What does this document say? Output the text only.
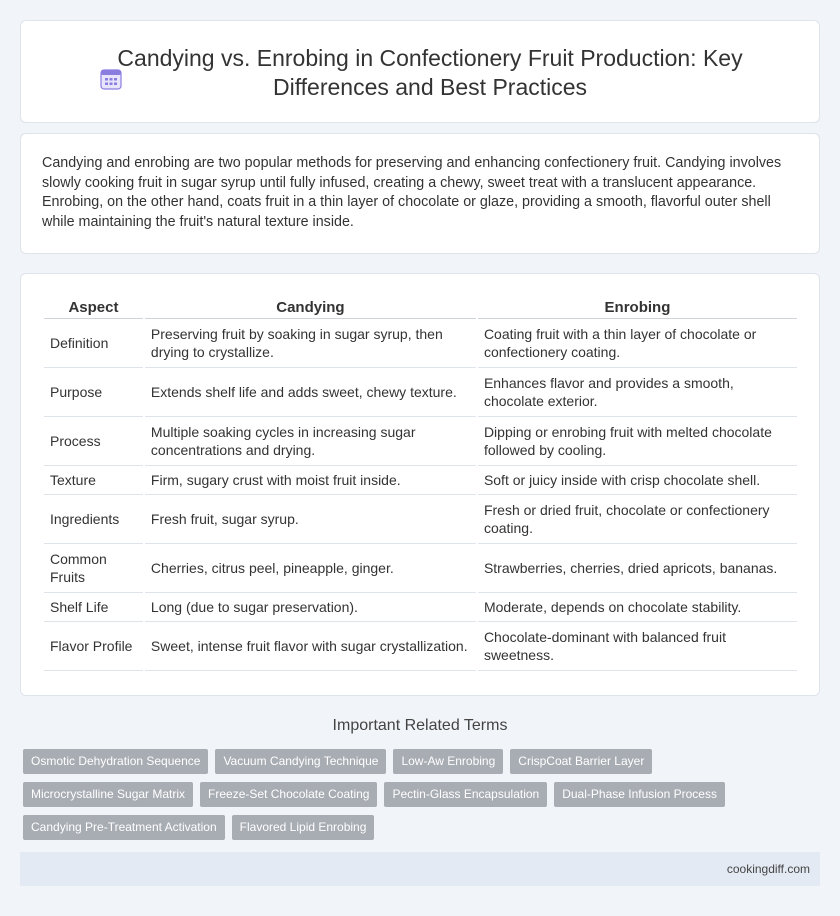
Candying vs. Enrobing in Confectionery Fruit Production: Key Differences and Best Practices

Candying and enrobing are two popular methods for preserving and enhancing confectionery fruit. Candying involves slowly cooking fruit in sugar syrup until fully infused, creating a chewy, sweet treat with a translucent appearance. Enrobing, on the other hand, coats fruit in a thin layer of chocolate or glaze, providing a smooth, flavorful outer shell while maintaining the fruit's natural texture inside.

Aspect	Candying	Enrobing
Definition	Preserving fruit by soaking in sugar syrup, then drying to crystallize.	Coating fruit with a thin layer of chocolate or confectionery coating.
Purpose	Extends shelf life and adds sweet, chewy texture.	Enhances flavor and provides a smooth, chocolate exterior.
Process	Multiple soaking cycles in increasing sugar concentrations and drying.	Dipping or enrobing fruit with melted chocolate followed by cooling.
Texture	Firm, sugary crust with moist fruit inside.	Soft or juicy inside with crisp chocolate shell.
Ingredients	Fresh fruit, sugar syrup.	Fresh or dried fruit, chocolate or confectionery coating.
Common Fruits	Cherries, citrus peel, pineapple, ginger.	Strawberries, cherries, dried apricots, bananas.
Shelf Life	Long (due to sugar preservation).	Moderate, depends on chocolate stability.
Flavor Profile	Sweet, intense fruit flavor with sugar crystallization.	Chocolate-dominant with balanced fruit sweetness.
Important Related Terms
Osmotic Dehydration Sequence	Vacuum Candying Technique	Low-Aw Enrobing	CrispCoat Barrier Layer
Microcrystalline Sugar Matrix	Freeze-Set Chocolate Coating	Pectin-Glass Encapsulation	Dual-Phase Infusion Process
Candying Pre-Treatment Activation	Flavored Lipid Enrobing
cookingdiff.com
